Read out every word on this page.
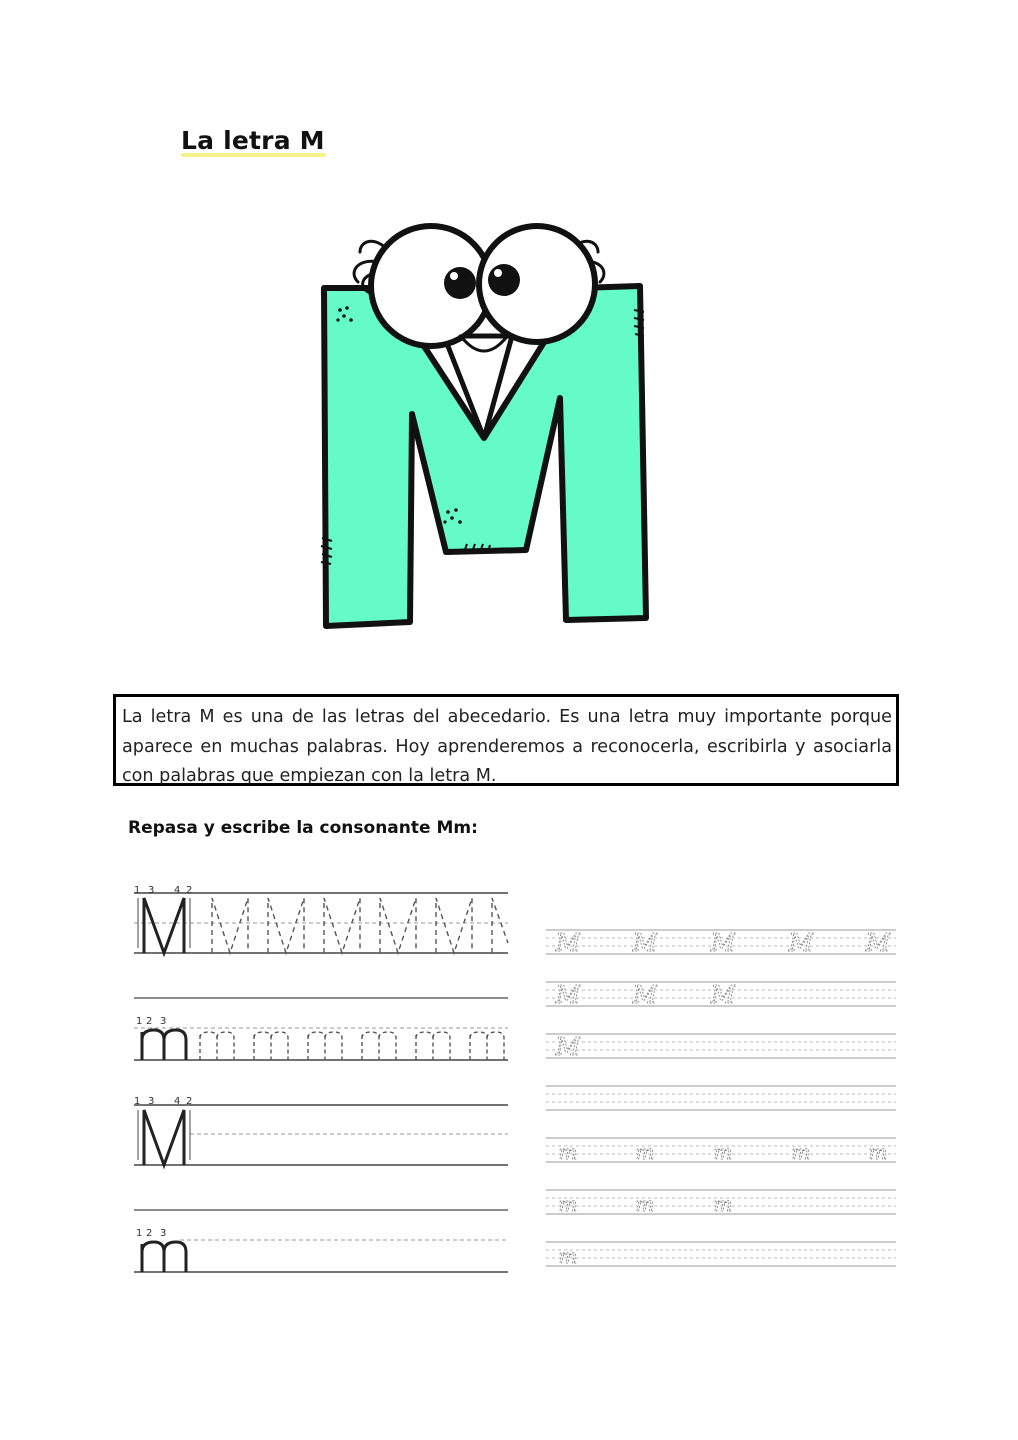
La letra M

La letra M es una de las letras del abecedario. Es una letra muy importante porque aparece en muchas palabras. Hoy aprenderemos a reconocerla, escribirla y asociarla con palabras que empiezan con la letra M.

Repasa y escribe la consonante Mm:
1 3 4 2
1 2 3
1 3 4 2
1 2 3
M M M M M
M M M
M
m	m	m	m	m
m	m	m
m
